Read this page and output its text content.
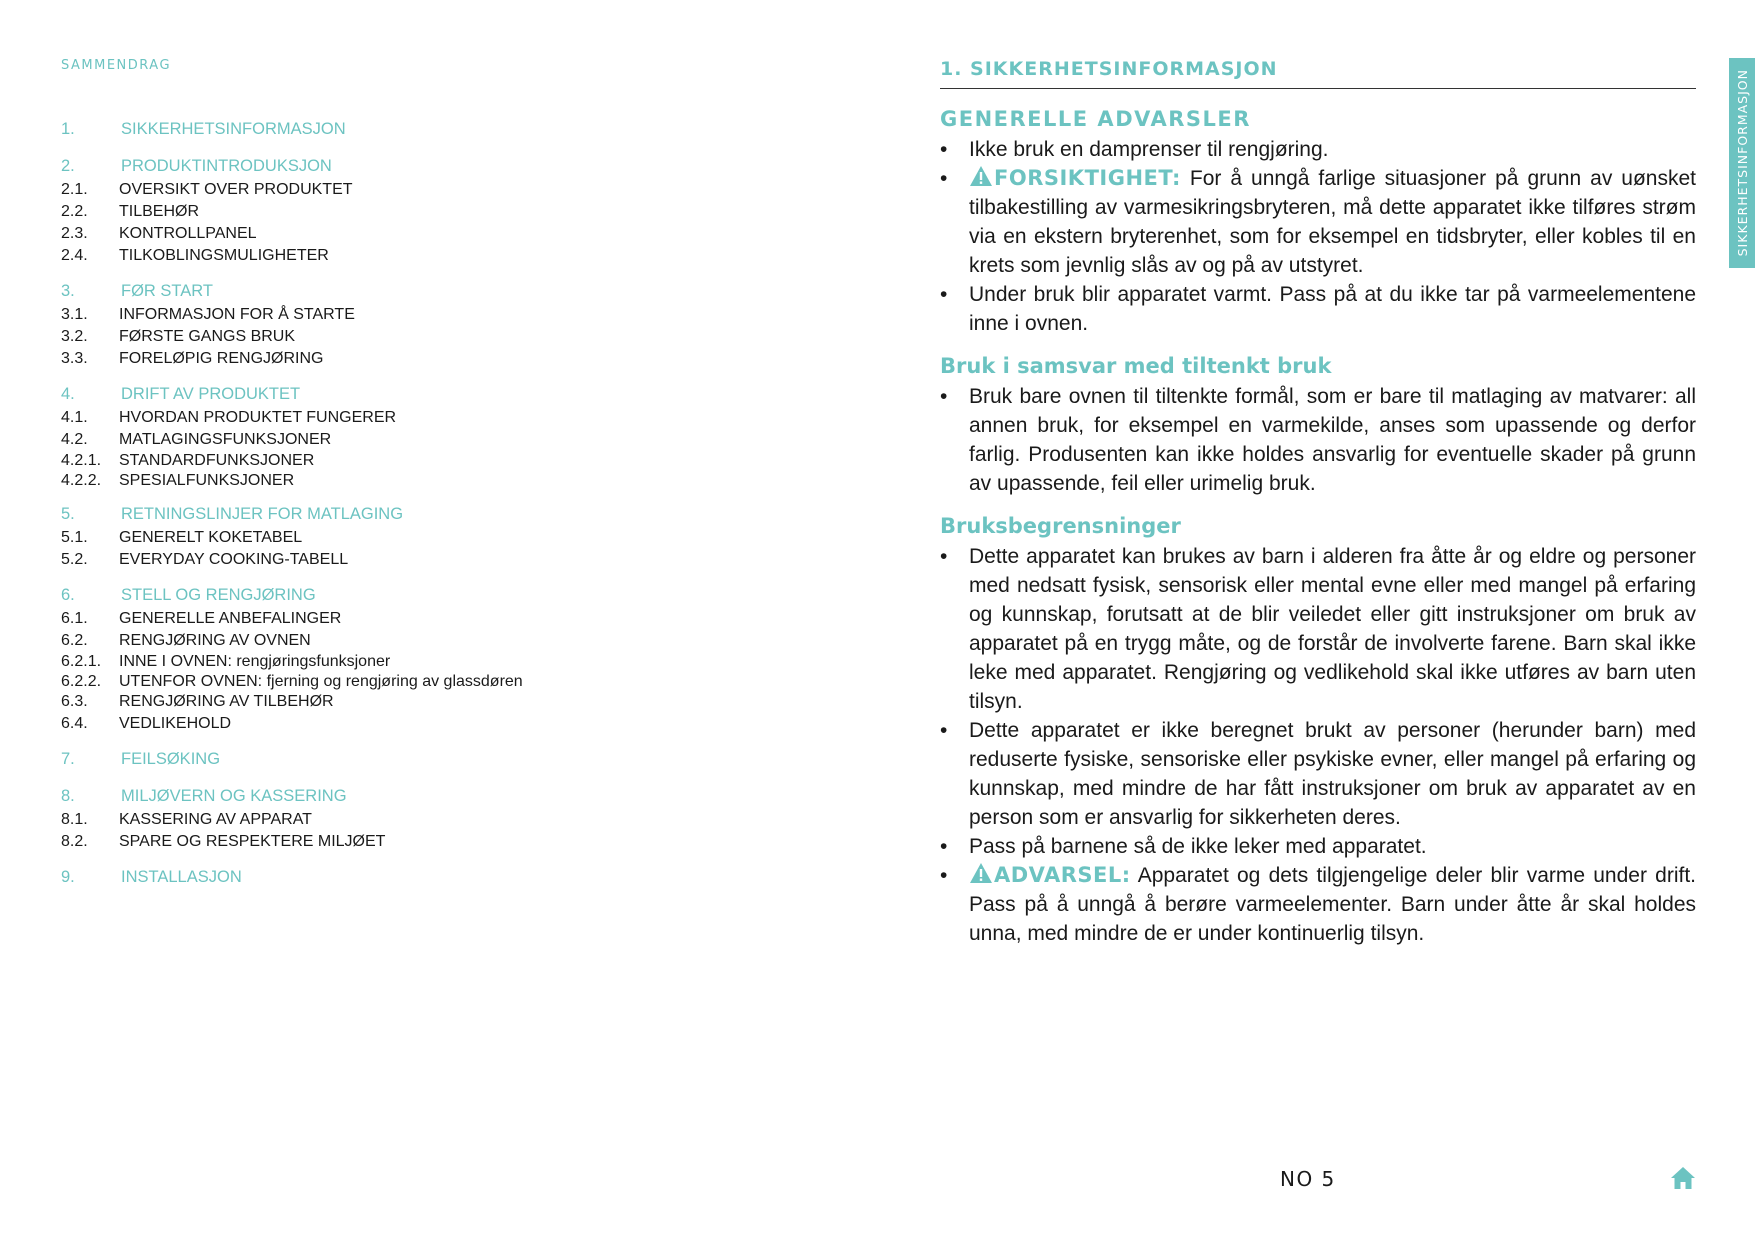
SAMMENDRAG
1.	SIKKERHETSINFORMASJON
2.	PRODUKTINTRODUKSJON
2.1.	OVERSIKT OVER PRODUKTET
2.2.	TILBEHØR
2.3.	KONTROLLPANEL
2.4.	TILKOBLINGSMULIGHETER
3.	FØR START
3.1.	INFORMASJON FOR Å STARTE
3.2.	FØRSTE GANGS BRUK
3.3.	FORELØPIG RENGJØRING
4.	DRIFT AV PRODUKTET
4.1.	HVORDAN PRODUKTET FUNGERER
4.2.	MATLAGINGSFUNKSJONER
4.2.1.	STANDARDFUNKSJONER
4.2.2.	SPESIALFUNKSJONER
5.	RETNINGSLINJER FOR MATLAGING
5.1.	GENERELT KOKETABEL
5.2.	EVERYDAY COOKING-TABELL
6.	STELL OG RENGJØRING
6.1.	GENERELLE ANBEFALINGER
6.2.	RENGJØRING AV OVNEN
6.2.1.	INNE I OVNEN: rengjøringsfunksjoner
6.2.2.	UTENFOR OVNEN: fjerning og rengjøring av glassdøren
6.3.	RENGJØRING AV TILBEHØR
6.4.	VEDLIKEHOLD
7.	FEILSØKING
8.	MILJØVERN OG KASSERING
8.1.	KASSERING AV APPARAT
8.2.	SPARE OG RESPEKTERE MILJØET
9.	INSTALLASJON
1. SIKKERHETSINFORMASJON
GENERELLE ADVARSLER
• Ikke bruk en damprenser til rengjøring.
• FORSIKTIGHET: For å unngå farlige situasjoner på grunn av uønsket tilbakestilling av varmesikringsbryteren, må dette apparatet ikke tilføres strøm via en ekstern bryterenhet, som for eksempel en tidsbryter, eller kobles til en krets som jevnlig slås av og på av utstyret.
• Under bruk blir apparatet varmt. Pass på at du ikke tar på varmeelementene inne i ovnen.
Bruk i samsvar med tiltenkt bruk
• Bruk bare ovnen til tiltenkte formål, som er bare til matlaging av matvarer: all annen bruk, for eksempel en varmekilde, anses som upassende og derfor farlig. Produsenten kan ikke holdes ansvarlig for eventuelle skader på grunn av upassende, feil eller urimelig bruk.
Bruksbegrensninger
• Dette apparatet kan brukes av barn i alderen fra åtte år og eldre og personer med nedsatt fysisk, sensorisk eller mental evne eller med mangel på erfaring og kunnskap, forutsatt at de blir veiledet eller gitt instruksjoner om bruk av apparatet på en trygg måte, og de forstår de involverte farene. Barn skal ikke leke med apparatet. Rengjøring og vedlikehold skal ikke utføres av barn uten tilsyn.
• Dette apparatet er ikke beregnet brukt av personer (herunder barn) med reduserte fysiske, sensoriske eller psykiske evner, eller mangel på erfaring og kunnskap, med mindre de har fått instruksjoner om bruk av apparatet av en person som er ansvarlig for sikkerheten deres.
• Pass på barnene så de ikke leker med apparatet.
• ADVARSEL: Apparatet og dets tilgjengelige deler blir varme under drift. Pass på å unngå å berøre varmeelementer. Barn under åtte år skal holdes unna, med mindre de er under kontinuerlig tilsyn.
SIKKERHETSINFORMASJON
NO 5
